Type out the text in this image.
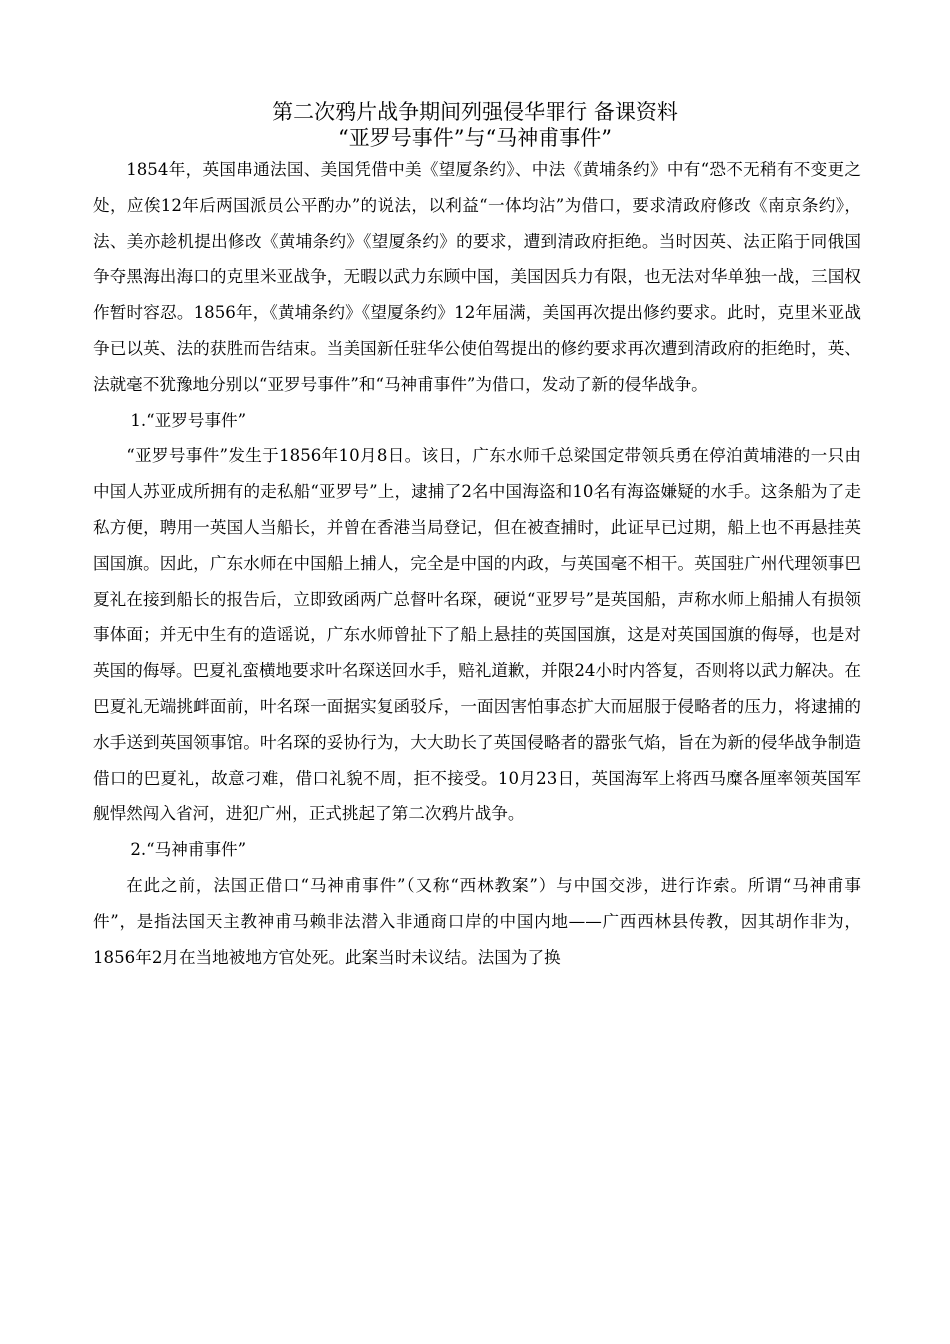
第二次鸦片战争期间列强侵华罪行 备课资料
“亚罗号事件”与“马神甫事件”

1854年，英国串通法国、美国凭借中美《望厦条约》、中法《黄埔条约》中有“恐不无稍有不变更之处，应俟12年后两国派员公平酌办”的说法，以利益“一体均沾”为借口，要求清政府修改《南京条约》，法、美亦趁机提出修改《黄埔条约》《望厦条约》的要求，遭到清政府拒绝。当时因英、法正陷于同俄国争夺黑海出海口的克里米亚战争，无暇以武力东顾中国，美国因兵力有限，也无法对华单独一战，三国权作暂时容忍。1856年，《黄埔条约》《望厦条约》12年届满，美国再次提出修约要求。此时，克里米亚战争已以英、法的获胜而告结束。当美国新任驻华公使伯驾提出的修约要求再次遭到清政府的拒绝时，英、法就毫不犹豫地分别以“亚罗号事件”和“马神甫事件”为借口，发动了新的侵华战争。

1.“亚罗号事件”

“亚罗号事件”发生于1856年10月8日。该日，广东水师千总梁国定带领兵勇在停泊黄埔港的一只由中国人苏亚成所拥有的走私船“亚罗号”上，逮捕了2名中国海盗和10名有海盗嫌疑的水手。这条船为了走私方便，聘用一英国人当船长，并曾在香港当局登记，但在被查捕时，此证早已过期，船上也不再悬挂英国国旗。因此，广东水师在中国船上捕人，完全是中国的内政，与英国毫不相干。英国驻广州代理领事巴夏礼在接到船长的报告后，立即致函两广总督叶名琛，硬说“亚罗号”是英国船，声称水师上船捕人有损领事体面；并无中生有的造谣说，广东水师曾扯下了船上悬挂的英国国旗，这是对英国国旗的侮辱，也是对英国的侮辱。巴夏礼蛮横地要求叶名琛送回水手，赔礼道歉，并限24小时内答复，否则将以武力解决。在巴夏礼无端挑衅面前，叶名琛一面据实复函驳斥，一面因害怕事态扩大而屈服于侵略者的压力，将逮捕的水手送到英国领事馆。叶名琛的妥协行为，大大助长了英国侵略者的嚣张气焰，旨在为新的侵华战争制造借口的巴夏礼，故意刁难，借口礼貌不周，拒不接受。10月23日，英国海军上将西马糜各厘率领英国军舰悍然闯入省河，进犯广州，正式挑起了第二次鸦片战争。

2.“马神甫事件”

在此之前，法国正借口“马神甫事件”（又称“西林教案”）与中国交涉，进行诈索。所谓“马神甫事件”，是指法国天主教神甫马赖非法潜入非通商口岸的中国内地——广西西林县传教，因其胡作非为，1856年2月在当地被地方官处死。此案当时未议结。法国为了换
